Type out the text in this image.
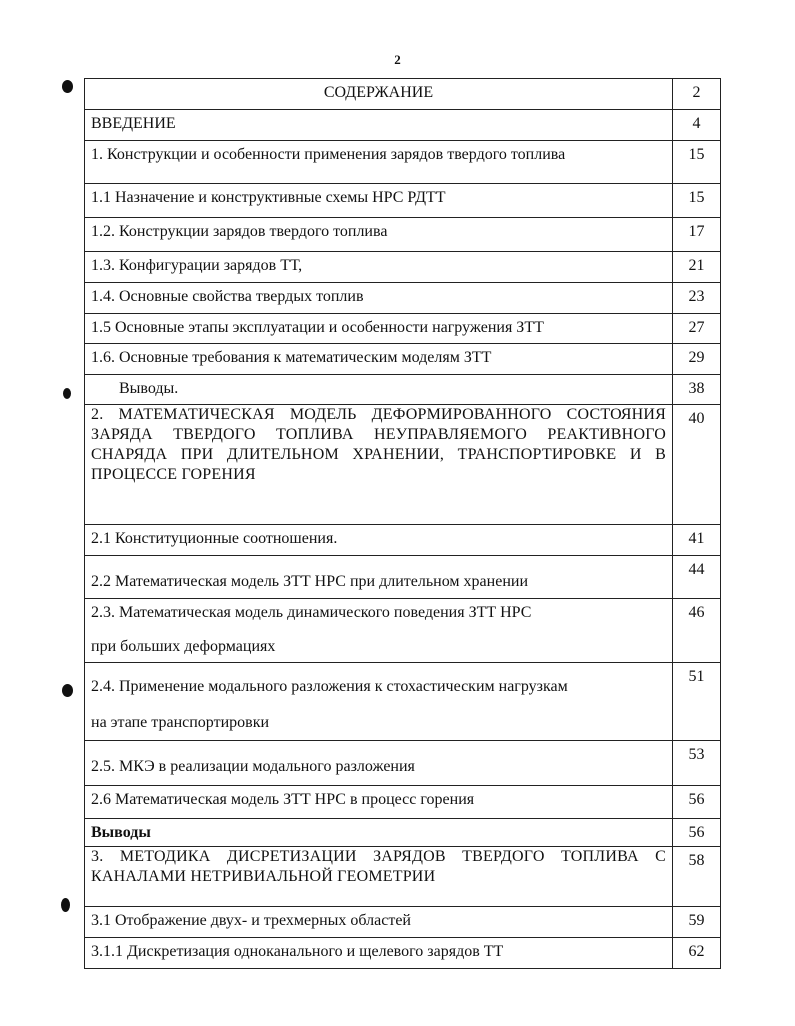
2
СОДЕРЖАНИЕ	2
ВВЕДЕНИЕ	4
1. Конструкции и особенности применения зарядов твердого топлива	15
1.1 Назначение и конструктивные схемы НРС РДТТ	15
1.2. Конструкции зарядов твердого топлива	17
1.3. Конфигурации зарядов ТТ,	21
1.4. Основные свойства твердых топлив	23
1.5 Основные этапы эксплуатации и особенности нагружения ЗТТ	27
1.6. Основные требования к математическим моделям ЗТТ	29
Выводы.	38
2. МАТЕМАТИЧЕСКАЯ МОДЕЛЬ ДЕФОРМИРОВАННОГО СОСТОЯНИЯ ЗАРЯДА ТВЕРДОГО ТОПЛИВА НЕУПРАВЛЯЕМОГО РЕАКТИВНОГО СНАРЯДА ПРИ ДЛИТЕЛЬНОМ ХРАНЕНИИ, ТРАНСПОРТИРОВКЕ И В ПРОЦЕССЕ ГОРЕНИЯ	40
2.1 Конституционные соотношения.	41
2.2 Математическая модель ЗТТ НРС при длительном хранении	44

2.3. Математическая модель динамического поведения ЗТТ НРС
при больших деформациях	46

2.4. Применение модального разложения к стохастическим нагрузкам
на этапе транспортировки	51
2.5. МКЭ в реализации модального разложения	53
2.6 Математическая модель ЗТТ НРС в процесс горения	56
Выводы	56
3. МЕТОДИКА ДИСРЕТИЗАЦИИ ЗАРЯДОВ ТВЕРДОГО ТОПЛИВА С КАНАЛАМИ НЕТРИВИАЛЬНОЙ ГЕОМЕТРИИ	58
3.1 Отображение двух- и трехмерных областей	59
3.1.1 Дискретизация одноканального и щелевого зарядов ТТ	62
